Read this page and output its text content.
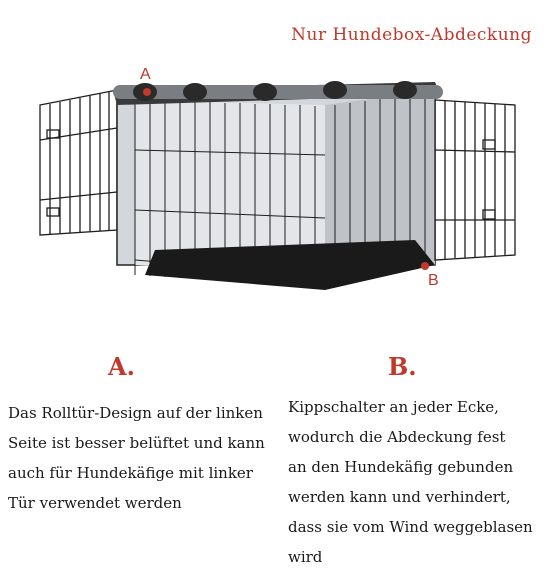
Nur Hundebox-Abdeckung
A
B
A.	B.
Das Rolltür-Design auf der linken
Seite ist besser belüftet und kann
auch für Hundekäfige mit linker
Tür verwendet werden
Kippschalter an jeder Ecke,
wodurch die Abdeckung fest
an den Hundekäfig gebunden
werden kann und verhindert,
dass sie vom Wind weggeblasen
wird
